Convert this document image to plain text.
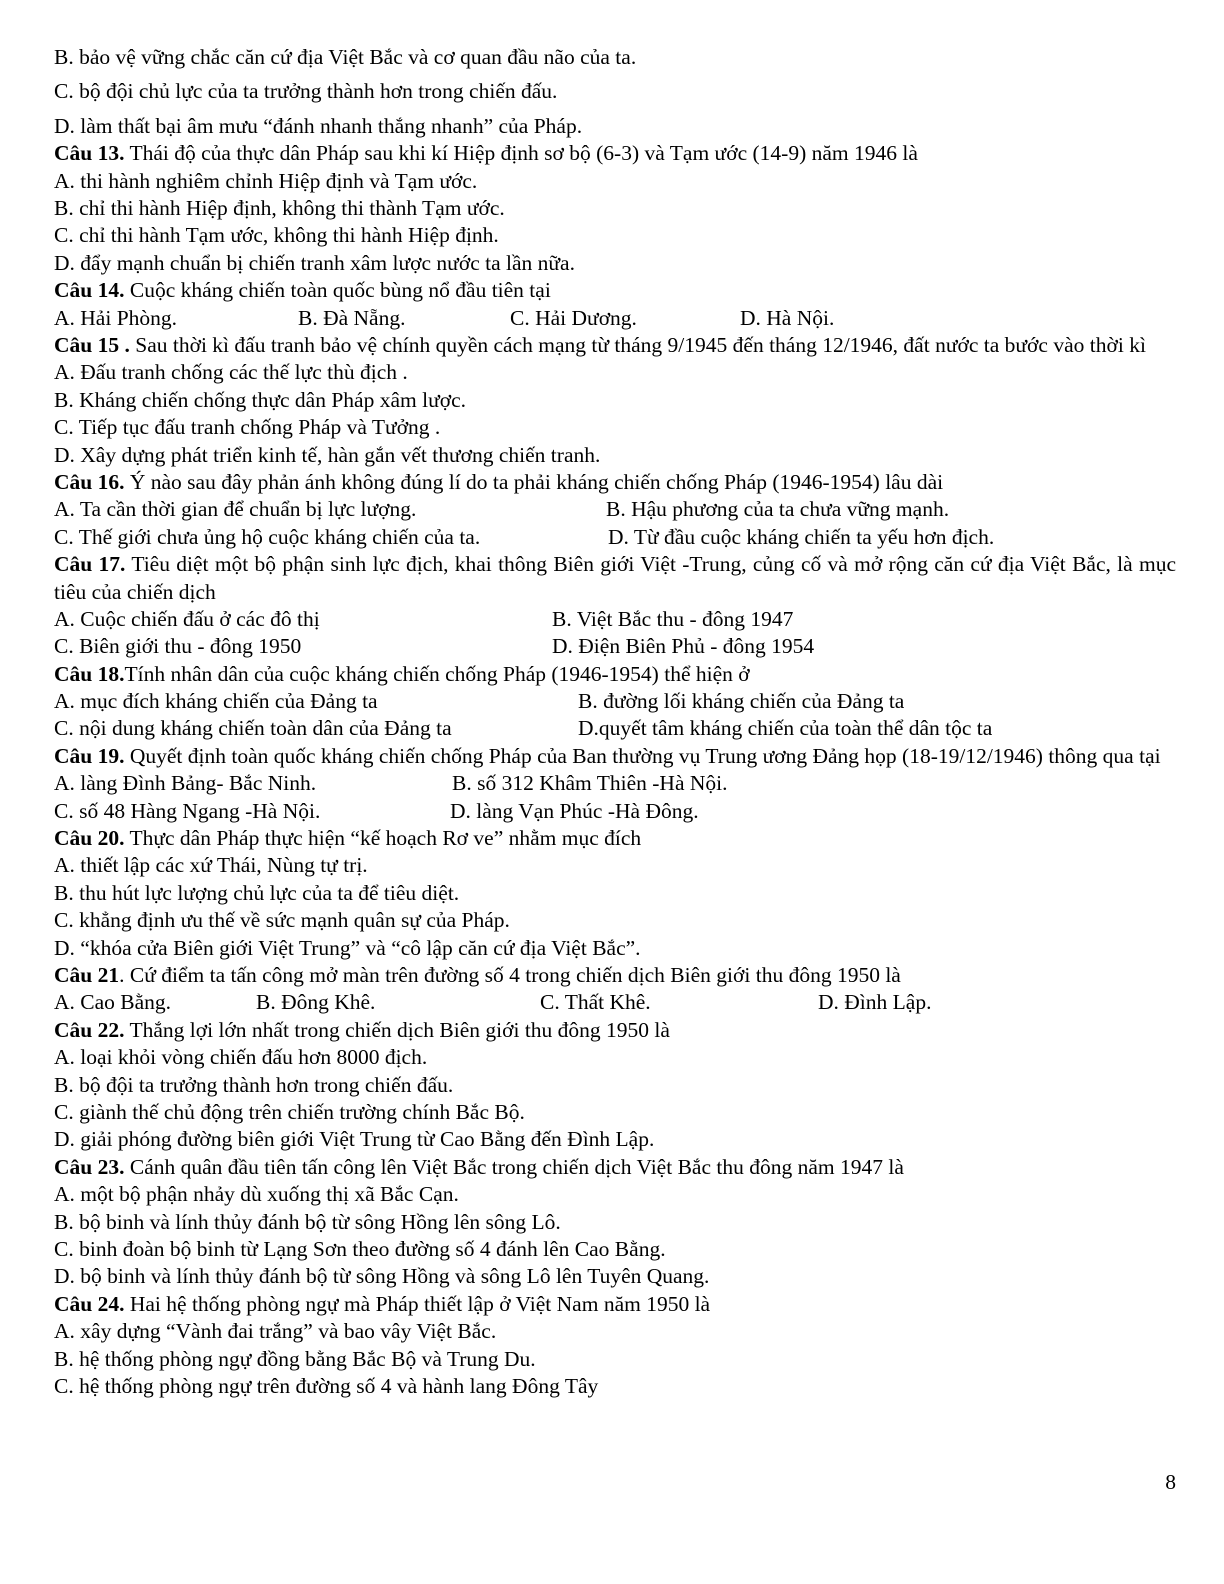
B. bảo vệ vững chắc căn cứ địa Việt Bắc và cơ quan đầu não của ta.
C. bộ đội chủ lực của ta trưởng thành hơn trong chiến đấu.
D. làm thất bại âm mưu “đánh nhanh thắng nhanh” của Pháp.
Câu 13. Thái độ của thực dân Pháp sau khi kí Hiệp định sơ bộ (6-3) và Tạm ước (14-9) năm 1946 là
A. thi hành nghiêm chỉnh Hiệp định và Tạm ước.
B. chỉ thi hành Hiệp định, không thi thành Tạm ước.
C. chỉ thi hành Tạm ước, không thi hành Hiệp định.
D. đẩy mạnh chuẩn bị chiến tranh xâm lược nước ta lần nữa.
Câu 14. Cuộc kháng chiến toàn quốc bùng nổ đầu tiên tại
A. Hải Phòng.	B. Đà Nẵng.	C. Hải Dương.	D. Hà Nội.
Câu 15 . Sau thời kì đấu tranh bảo vệ chính quyền cách mạng từ tháng 9/1945 đến tháng 12/1946, đất nước ta bước vào thời kì
A. Đấu tranh chống các thế lực thù địch .
B. Kháng chiến chống thực dân Pháp xâm lược.
C. Tiếp tục đấu tranh chống Pháp và Tưởng .
D. Xây dựng phát triển kinh tế, hàn gắn vết thương chiến tranh.
Câu 16. Ý nào sau đây phản ánh không đúng lí do ta phải kháng chiến chống Pháp (1946-1954) lâu dài
A. Ta cần thời gian để chuẩn bị lực lượng.	B. Hậu phương của ta chưa vững mạnh.
C. Thế giới chưa ủng hộ cuộc kháng chiến của ta.	D. Từ đầu cuộc kháng chiến ta yếu hơn địch.
Câu 17. Tiêu diệt một bộ phận sinh lực địch, khai thông Biên giới Việt -Trung, củng cố và mở rộng căn cứ địa Việt Bắc, là mục tiêu của chiến dịch
A. Cuộc chiến đấu ở các đô thị	B. Việt Bắc thu - đông 1947
C. Biên giới thu - đông 1950	D. Điện Biên Phủ - đông 1954
Câu 18.Tính nhân dân của cuộc kháng chiến chống Pháp (1946-1954) thể hiện ở
A. mục đích kháng chiến của Đảng ta	B. đường lối kháng chiến của Đảng ta
C. nội dung kháng chiến toàn dân của Đảng ta	D.quyết tâm kháng chiến của toàn thể dân tộc ta
Câu 19. Quyết định toàn quốc kháng chiến chống Pháp của Ban thường vụ Trung ương Đảng họp (18-19/12/1946) thông qua tại
A. làng Đình Bảng- Bắc Ninh.	B. số 312 Khâm Thiên -Hà Nội.
C. số 48 Hàng Ngang -Hà Nội.	D. làng Vạn Phúc -Hà Đông.
Câu 20. Thực dân Pháp thực hiện “kế hoạch Rơ ve” nhằm mục đích
A. thiết lập các xứ Thái, Nùng tự trị.
B. thu hút lực lượng chủ lực của ta để tiêu diệt.
C. khẳng định ưu thế về sức mạnh quân sự của Pháp.
D. “khóa cửa Biên giới Việt Trung” và “cô lập căn cứ địa Việt Bắc”.
Câu 21. Cứ điểm ta tấn công mở màn trên đường số 4 trong chiến dịch Biên giới thu đông 1950 là
A. Cao Bằng.	B. Đông Khê.	C. Thất Khê.	D. Đình Lập.
Câu 22. Thắng lợi lớn nhất trong chiến dịch Biên giới thu đông 1950 là
A. loại khỏi vòng chiến đấu hơn 8000 địch.
B. bộ đội ta trưởng thành hơn trong chiến đấu.
C. giành thế chủ động trên chiến trường chính Bắc Bộ.
D. giải phóng đường biên giới Việt Trung từ Cao Bằng đến Đình Lập.
Câu 23. Cánh quân đầu tiên tấn công lên Việt Bắc trong chiến dịch Việt Bắc thu đông năm 1947 là
A. một bộ phận nhảy dù xuống thị xã Bắc Cạn.
B. bộ binh và lính thủy đánh bộ từ sông Hồng lên sông Lô.
C. binh đoàn bộ binh từ Lạng Sơn theo đường số 4 đánh lên Cao Bằng.
D. bộ binh và lính thủy đánh bộ từ sông Hồng và sông Lô lên Tuyên Quang.
Câu 24. Hai hệ thống phòng ngự mà Pháp thiết lập ở Việt Nam năm 1950 là
A. xây dựng “Vành đai trắng” và bao vây Việt Bắc.
B. hệ thống phòng ngự đồng bằng Bắc Bộ và Trung Du.
C. hệ thống phòng ngự trên đường số 4 và hành lang Đông Tây
8
